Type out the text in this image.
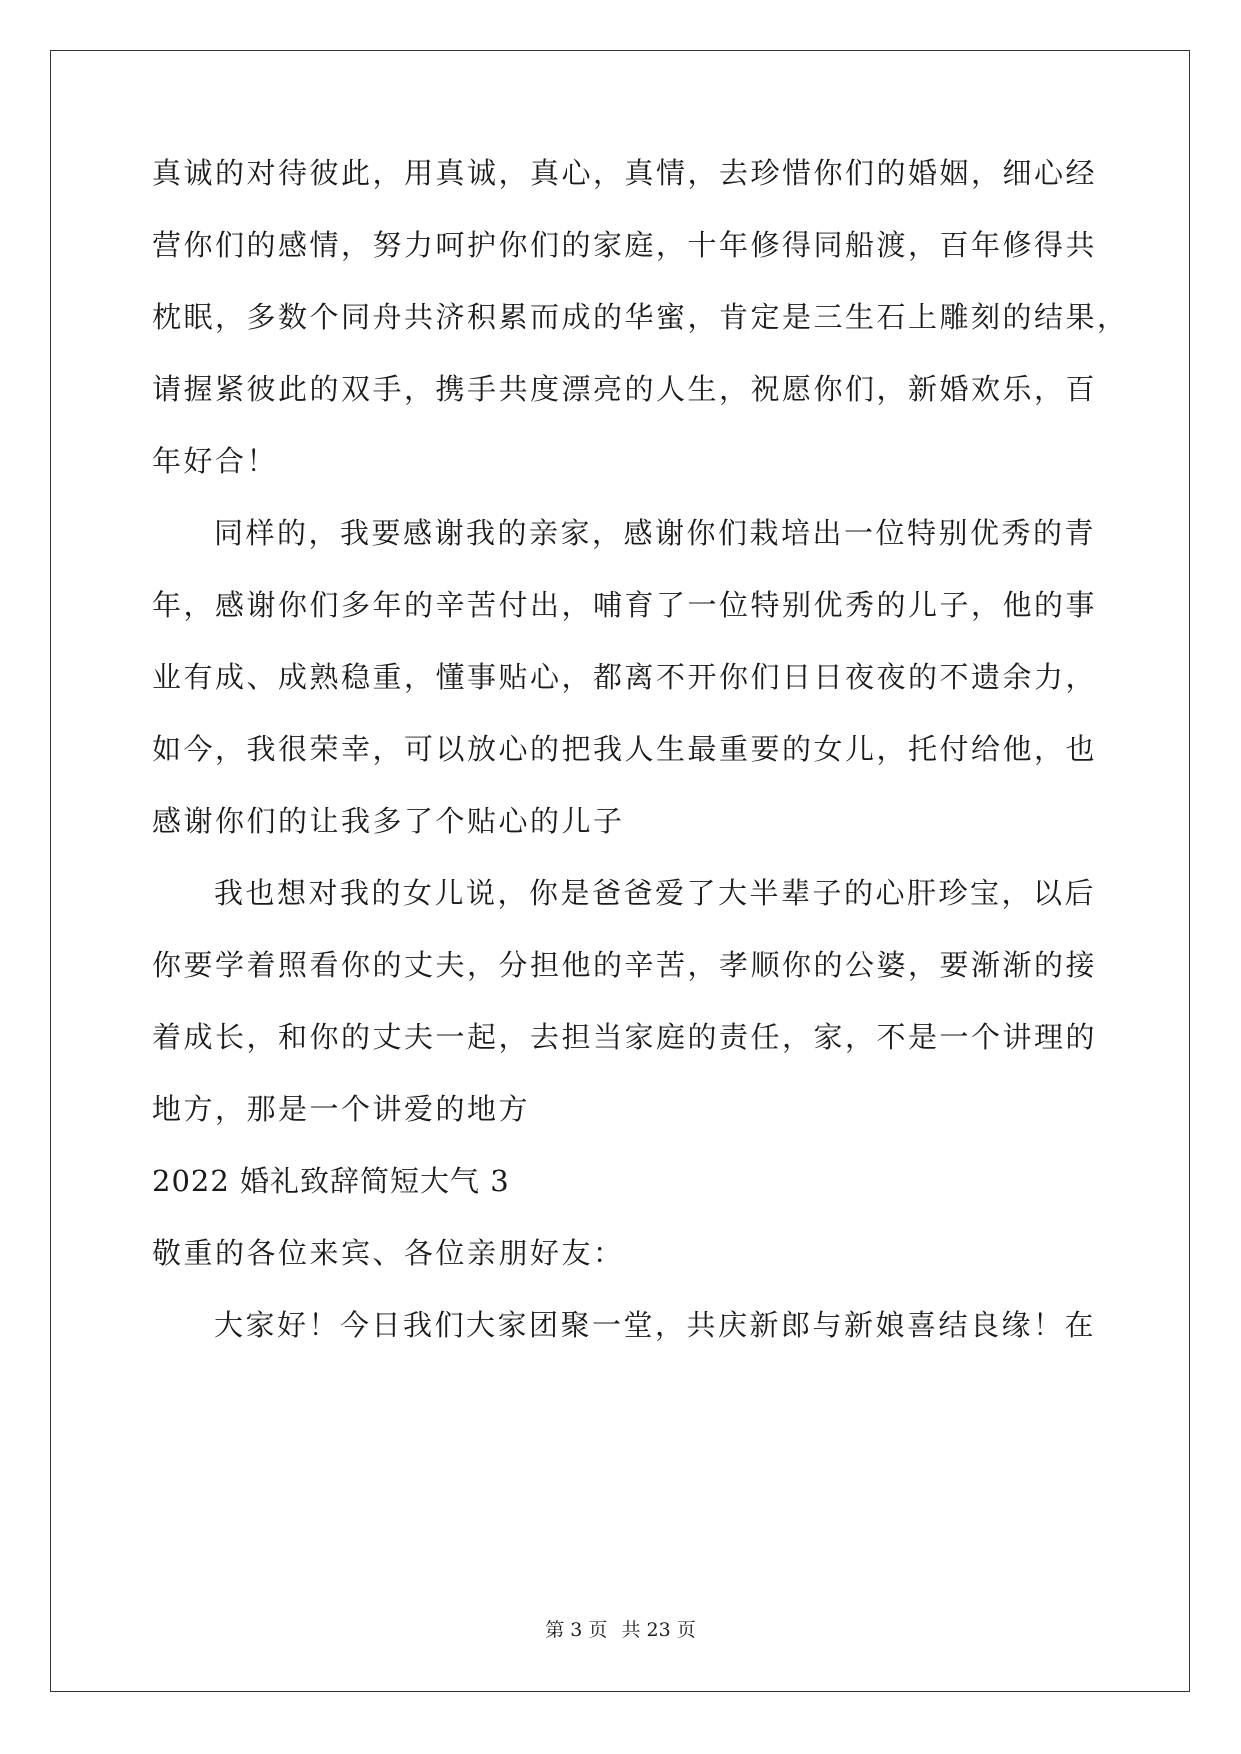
真诚的对待彼此，用真诚，真心，真情，去珍惜你们的婚姻，细心经
营你们的感情，努力呵护你们的家庭，十年修得同船渡，百年修得共
枕眠，多数个同舟共济积累而成的华蜜，肯定是三生石上雕刻的结果，
请握紧彼此的双手，携手共度漂亮的人生，祝愿你们，新婚欢乐，百
年好合！
同样的，我要感谢我的亲家，感谢你们栽培出一位特别优秀的青
年，感谢你们多年的辛苦付出，哺育了一位特别优秀的儿子，他的事
业有成、成熟稳重，懂事贴心，都离不开你们日日夜夜的不遗余力，
如今，我很荣幸，可以放心的把我人生最重要的女儿，托付给他，也
感谢你们的让我多了个贴心的儿子
我也想对我的女儿说，你是爸爸爱了大半辈子的心肝珍宝，以后
你要学着照看你的丈夫，分担他的辛苦，孝顺你的公婆，要渐渐的接
着成长，和你的丈夫一起，去担当家庭的责任，家，不是一个讲理的
地方，那是一个讲爱的地方
2022 婚礼致辞简短大气 3
敬重的各位来宾、各位亲朋好友：
大家好！今日我们大家团聚一堂，共庆新郎与新娘喜结良缘！在
第 3 页 共 23 页
